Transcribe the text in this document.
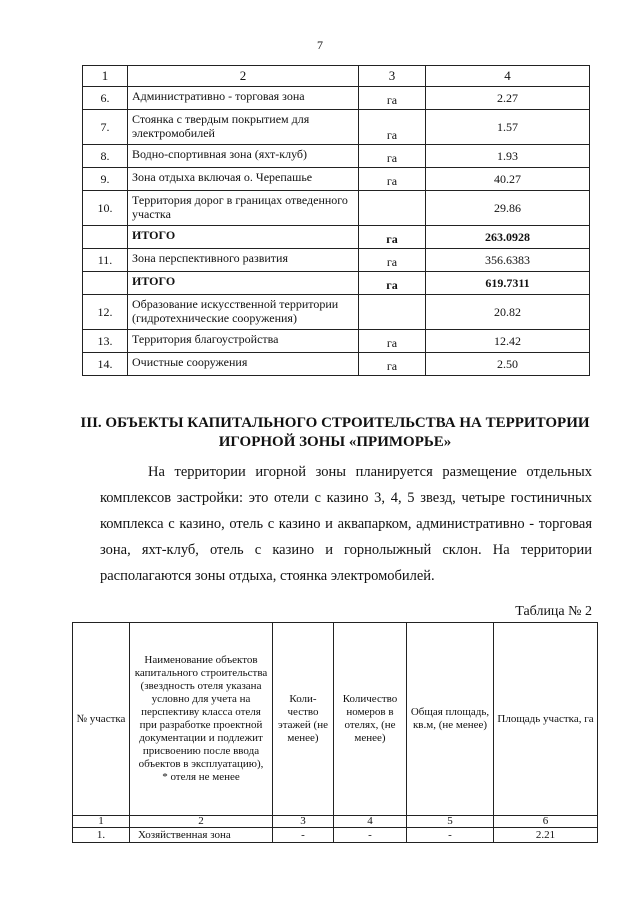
7
1	2	3	4
6.	Административно - торговая зона	га	2.27
7.	Стоянка с твердым покрытием для электромобилей	га	1.57
8.	Водно-спортивная зона (яхт-клуб)	га	1.93
9.	Зона отдыха включая о. Черепашье	га	40.27
10.	Территория дорог в границах отведенного участка		29.86
	ИТОГО	га	263.0928
11.	Зона перспективного развития	га	356.6383
	ИТОГО	га	619.7311
12.	Образование искусственной территории (гидротехнические сооружения)		20.82
13.	Территория благоустройства	га	12.42
14.	Очистные сооружения	га	2.50
III. ОБЪЕКТЫ КАПИТАЛЬНОГО СТРОИТЕЛЬСТВА НА ТЕРРИТОРИИ
ИГОРНОЙ ЗОНЫ «ПРИМОРЬЕ»

На территории игорной зоны планируется размещение отдельных комплексов застройки: это отели с казино 3, 4, 5 звезд, четыре гостиничных комплекса с казино, отель с казино и аквапарком, административно - торговая зона, яхт-клуб, отель с казино и горнолыжный склон. На территории располагаются зоны отдыха, стоянка электромобилей.

Таблица № 2
№ участка	Наименование объектов капитального строительства (звездность отеля указана условно для учета на перспективу класса отеля при разработке проектной документации и подлежит присвоению после ввода объектов в эксплуатацию),
* отеля не менее	Коли-чество этажей (не менее)	Количество номеров в отелях, (не менее)	Общая площадь, кв.м, (не менее)	Площадь участка, га
1	2	3	4	5	6
1.	Хозяйственная зона	-	-	-	2.21
